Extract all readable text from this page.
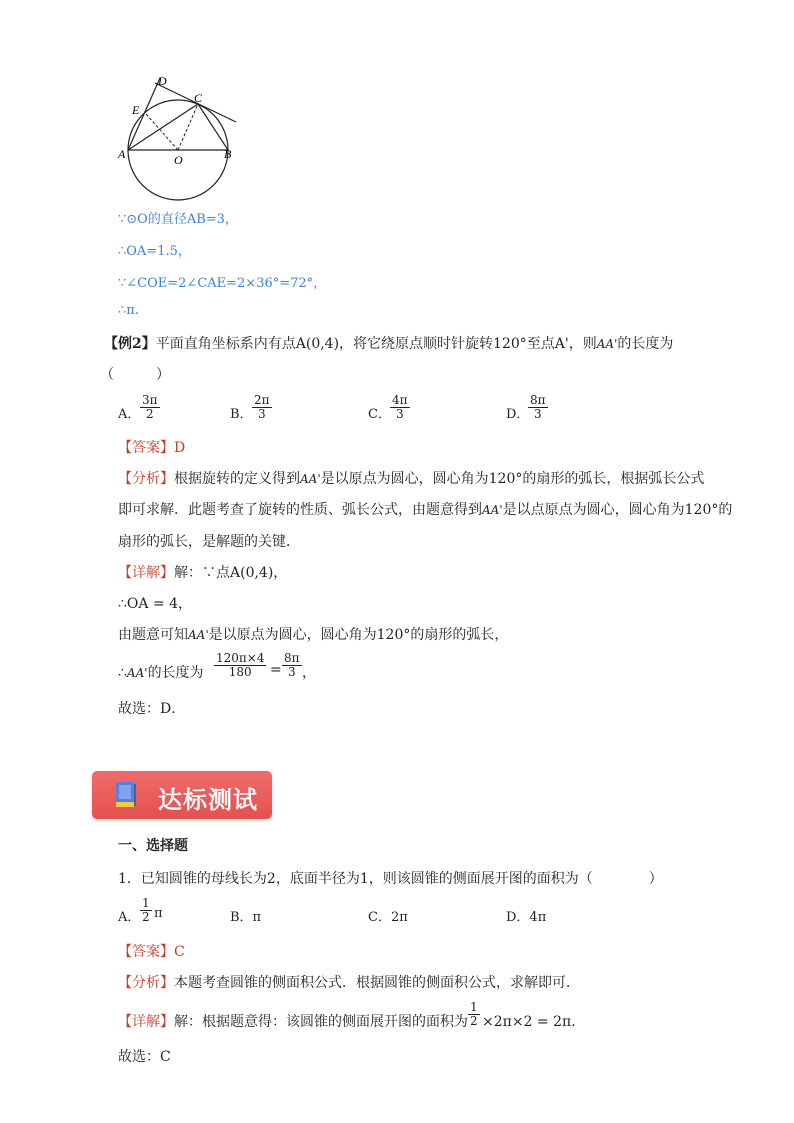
D
E
C
A	O	B
∵⊙O的直径AB=3，
∴OA=1.5，
∵∠COE=2∠CAE=2×36°=72°，
∴π.
【例2】平面直角坐标系内有点A(0,4)，将它绕原点顺时针旋转120°至点A'，则AA'的长度为
（　　　）
A． $\frac{3\pi}{2}$	B． $\frac{2\pi}{3}$	C． $\frac{4\pi}{3}$	D．
$\frac{8\pi}{3}$
【答案】D
【分析】根据旋转的定义得到AA'是以原点为圆心，圆心角为120°的扇形的弧长，根据弧长公式
即可求解．此题考查了旋转的性质、弧长公式，由题意得到AA'是以点原点为圆心，圆心角为120°的
扇形的弧长，是解题的关键．
【详解】解：∵点A(0,4)，
∴OA = 4，
由题意可知AA'是以原点为圆心，圆心角为120°的扇形的弧长，
∴AA'的长度为 $\frac{120\pi\times 4}{180} = \frac{8\pi}{3}$ ，
故选：D．
达标测试
一、选择题
1．已知圆锥的母线长为2，底面半径为1，则该圆锥的侧面展开图的面积为（　　　　）
A． $\frac{1}{2}$ π	B．π	C．2π	D．4π
【答案】C
【分析】本题考查圆锥的侧面积公式．根据圆锥的侧面积公式，求解即可．
【详解】解：根据题意得：该圆锥的侧面展开图的面积为 $\frac{1}{2} \times 2\pi\times 2 = 2\pi$．
故选：C
